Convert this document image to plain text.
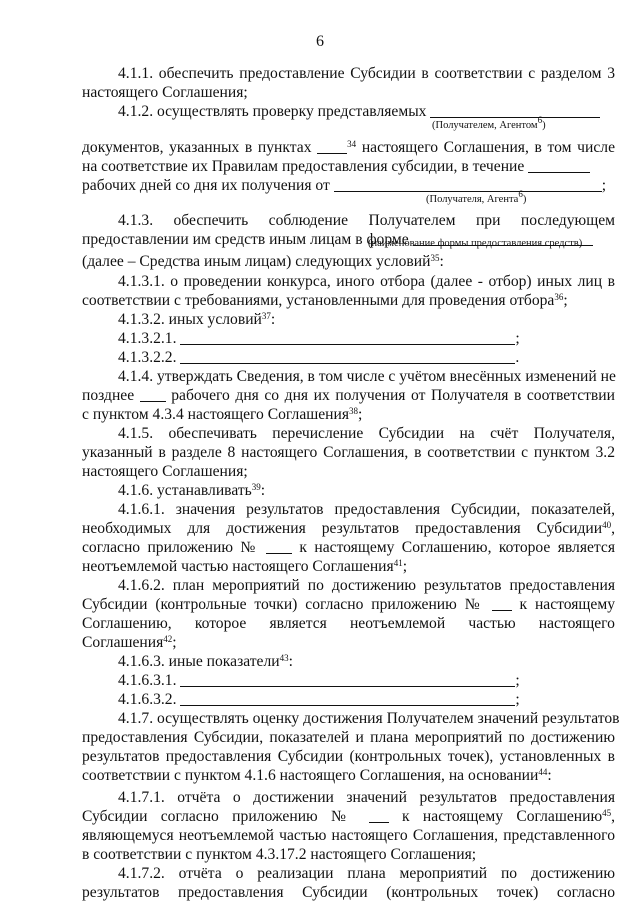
6
4.1.1. обеспечить предоставление Субсидии в соответствии с разделом 3
настоящего Соглашения;
4.1.2. осуществлять проверку представляемых
(Получателем, Агентом$^6$)
документов, указанных в пунктах	$^{34}$ настоящего Соглашения, в том числе
на соответствие их Правилам предоставления субсидии, в течение
рабочих дней со дня их получения от	;
(Получателя, Агента$^6$)
4.1.3. обеспечить соблюдение Получателем при последующем
предоставлении им средств иным лицам в форме
(наименование формы предоставления средств)
(далее – Средства иным лицам) следующих условий$^{35}$:
4.1.3.1. о проведении конкурса, иного отбора (далее - отбор) иных лиц в
соответствии с требованиями, установленными для проведения отбора$^{36}$;
4.1.3.2. иных условий$^{37}$:
4.1.3.2.1.	;
4.1.3.2.2.	.
4.1.4. утверждать Сведения, в том числе с учётом внесённых изменений не
позднее  рабочего дня со дня их получения от Получателя в соответствии
с пунктом 4.3.4 настоящего Соглашения$^{38}$;
4.1.5. обеспечивать перечисление Субсидии на счёт Получателя,
указанный в разделе 8 настоящего Соглашения, в соответствии с пунктом 3.2
настоящего Соглашения;
4.1.6. устанавливать$^{39}$:
4.1.6.1. значения результатов предоставления Субсидии, показателей,
необходимых для достижения результатов предоставления Субсидии$^{40}$,
согласно приложению №  к настоящему Соглашению, которое является
неотъемлемой частью настоящего Соглашения$^{41}$;
4.1.6.2. план мероприятий по достижению результатов предоставления
Субсидии (контрольные точки) согласно приложению №  к настоящему
Соглашению, которое является неотъемлемой частью настоящего
Соглашения$^{42}$;
4.1.6.3. иные показатели$^{43}$:
4.1.6.3.1.	;
4.1.6.3.2.	;
4.1.7. осуществлять оценку достижения Получателем значений результатов
предоставления Субсидии, показателей и плана мероприятий по достижению
результатов предоставления Субсидии (контрольных точек), установленных в
соответствии с пунктом 4.1.6 настоящего Соглашения, на основании$^{44}$:
4.1.7.1. отчёта о достижении значений результатов предоставления
Субсидии согласно приложению №  к настоящему Соглашению$^{45}$,
являющемуся неотъемлемой частью настоящего Соглашения, представленного
в соответствии с пунктом 4.3.17.2 настоящего Соглашения;
4.1.7.2. отчёта о реализации плана мероприятий по достижению
результатов предоставления Субсидии (контрольных точек) согласно
